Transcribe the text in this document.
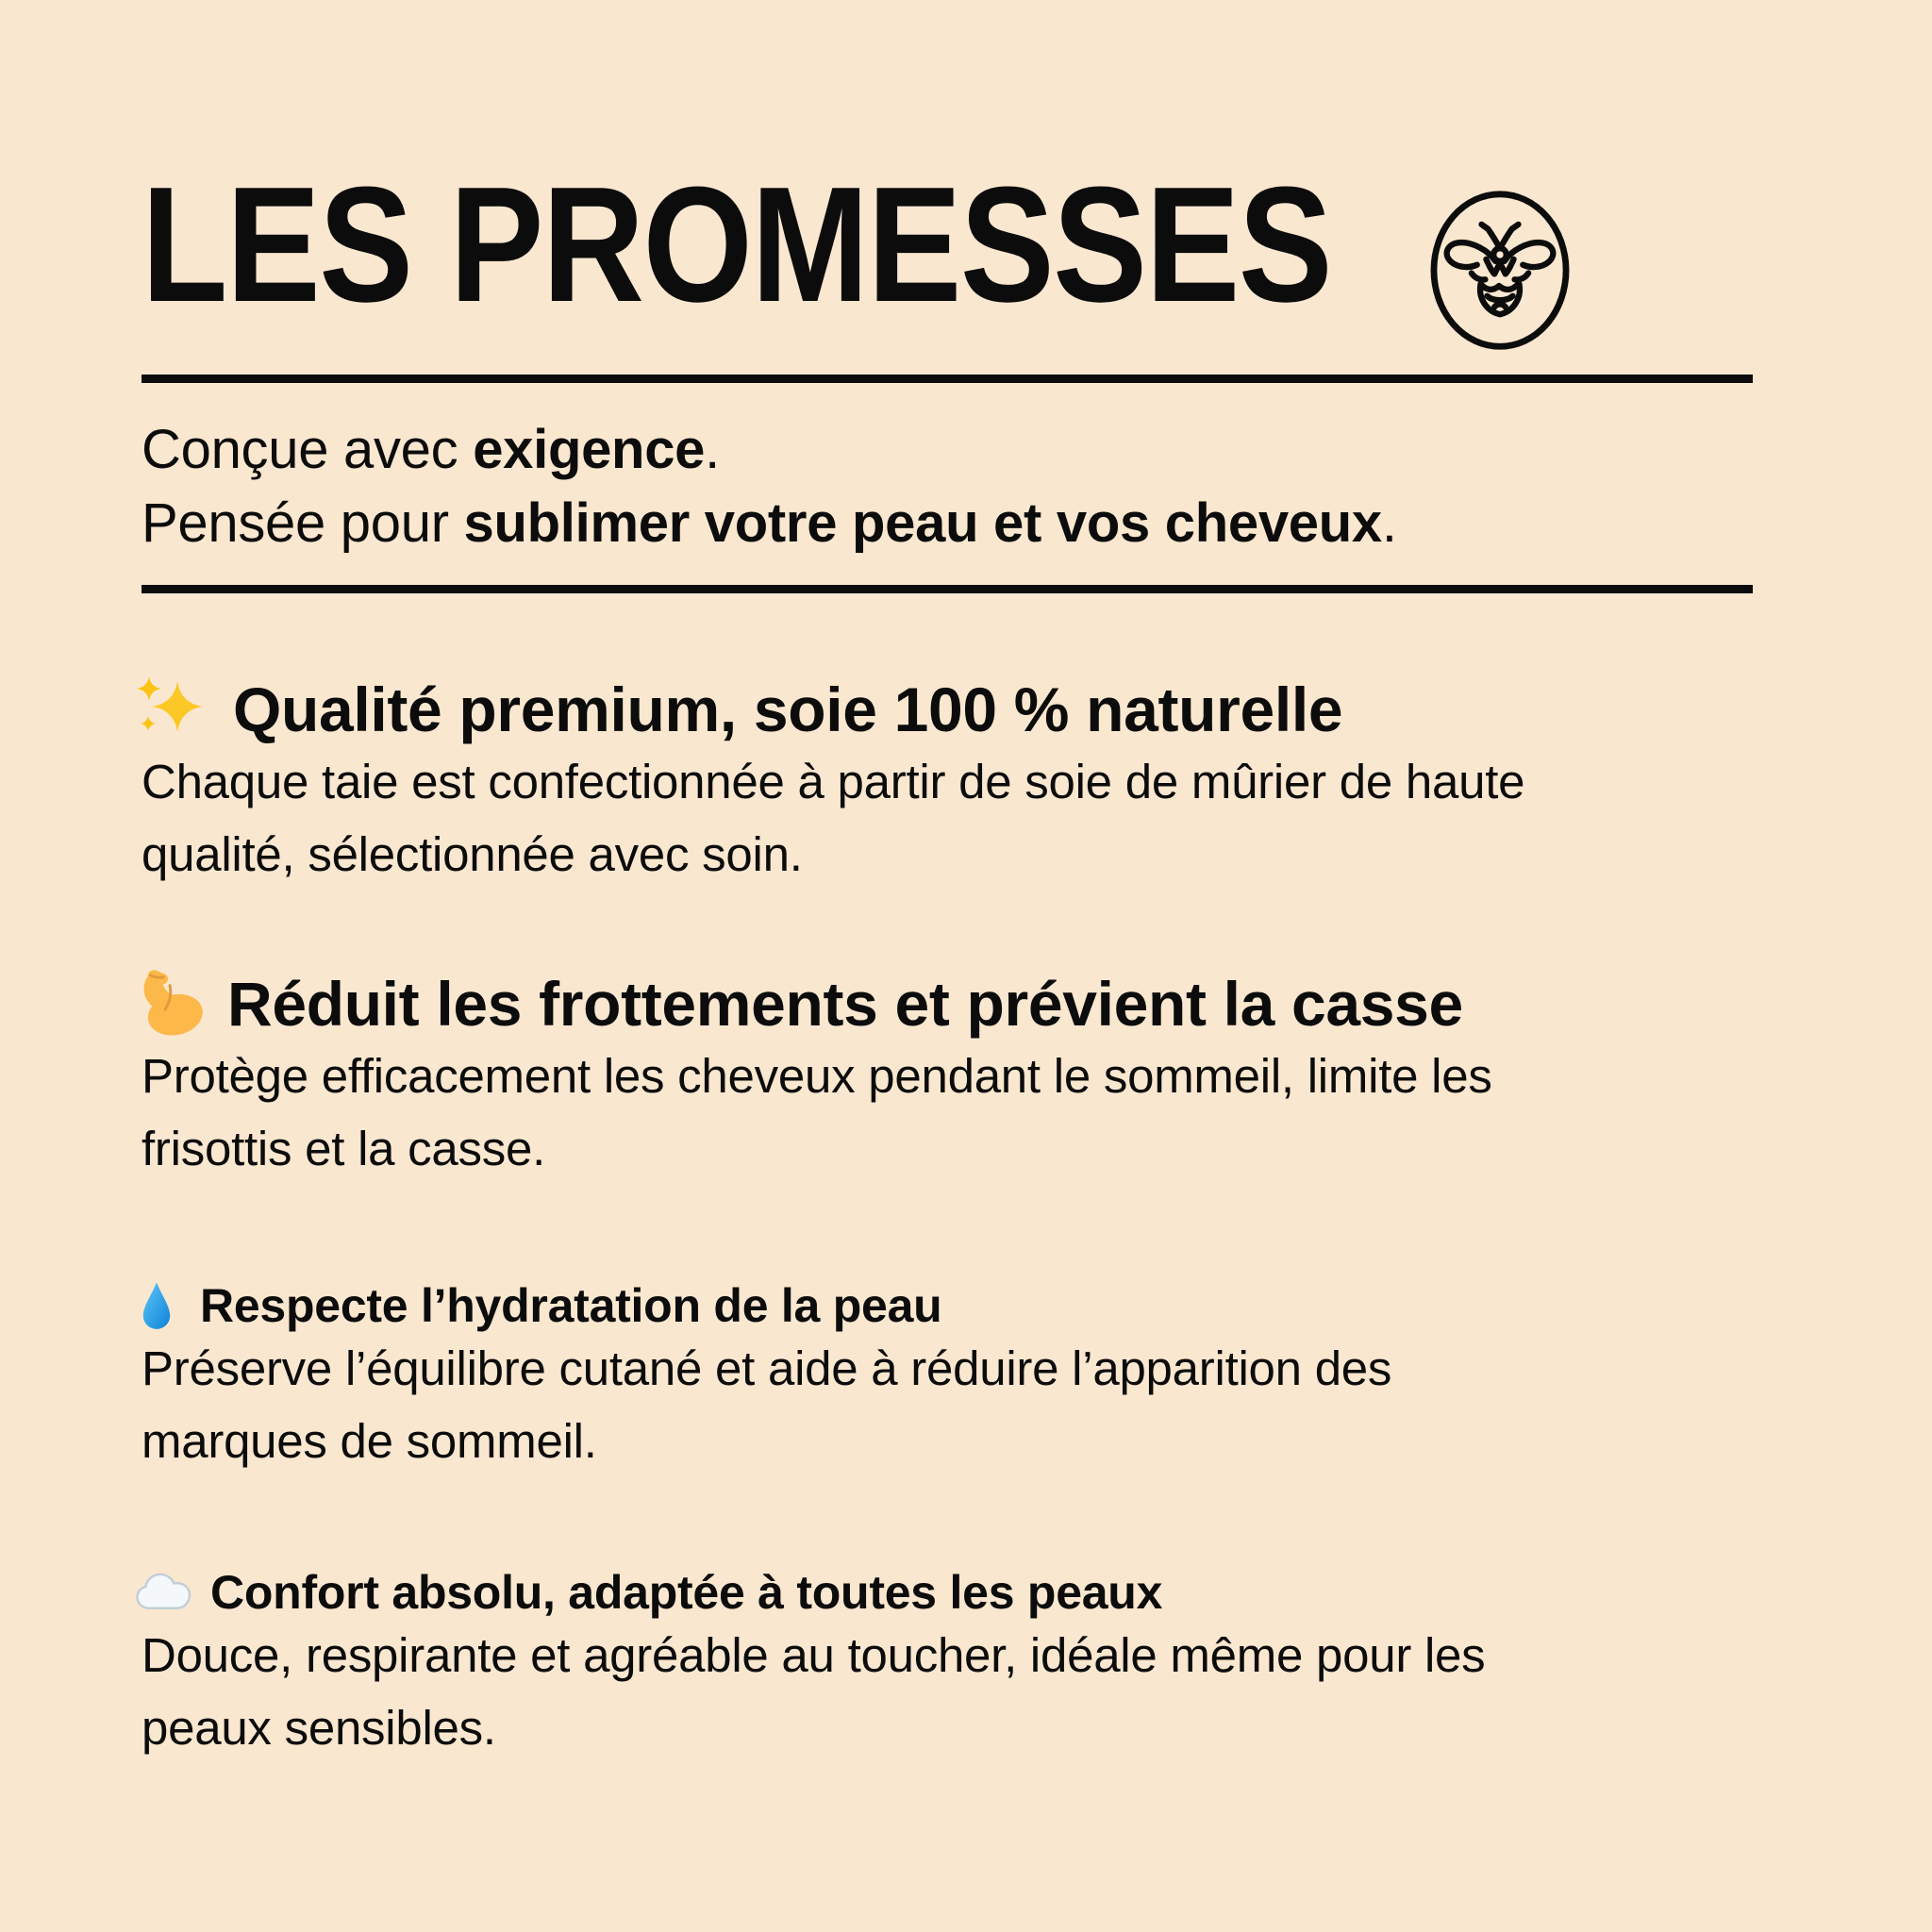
LES PROMESSES
Conçue avec exigence.
Pensée pour sublimer votre peau et vos cheveux.
Qualité premium, soie 100 % naturelle
Chaque taie est confectionnée à partir de soie de mûrier de haute
qualité, sélectionnée avec soin.
Réduit les frottements et prévient la casse
Protège efficacement les cheveux pendant le sommeil, limite les
frisottis et la casse.
Respecte l’hydratation de la peau
Préserve l’équilibre cutané et aide à réduire l’apparition des
marques de sommeil.
Confort absolu, adaptée à toutes les peaux
Douce, respirante et agréable au toucher, idéale même pour les
peaux sensibles.
